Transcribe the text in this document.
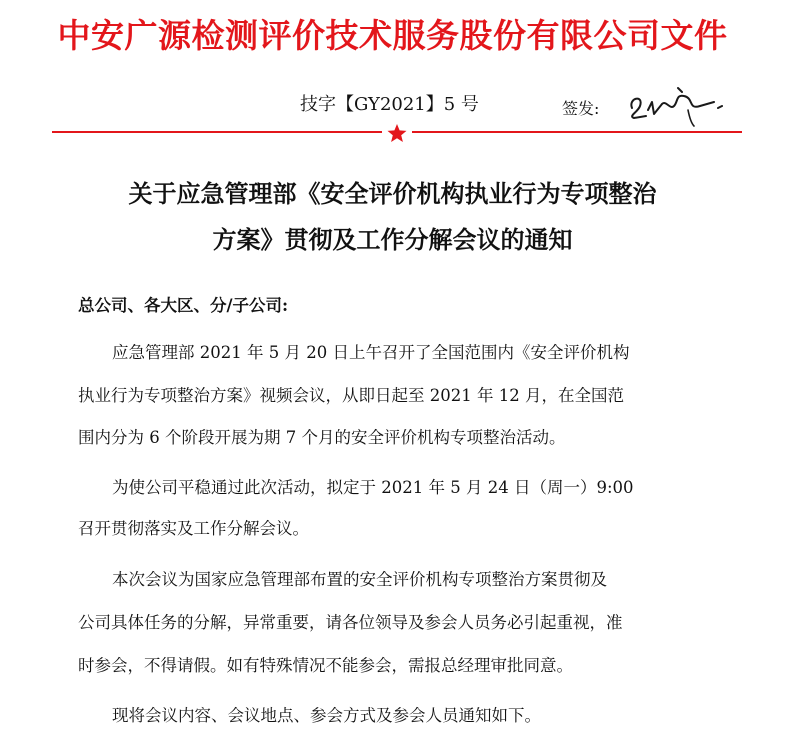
中安广源检测评价技术服务股份有限公司文件
技字【GY2021】5 号	签发:
关于应急管理部《安全评价机构执业行为专项整治
方案》贯彻及工作分解会议的通知
总公司、各大区、分/子公司:
应急管理部 2021 年 5 月 20 日上午召开了全国范围内《安全评价机构
执业行为专项整治方案》视频会议，从即日起至 2021 年 12 月，在全国范
围内分为 6 个阶段开展为期 7 个月的安全评价机构专项整治活动。
为使公司平稳通过此次活动，拟定于 2021 年 5 月 24 日（周一）9:00
召开贯彻落实及工作分解会议。
本次会议为国家应急管理部布置的安全评价机构专项整治方案贯彻及
公司具体任务的分解，异常重要，请各位领导及参会人员务必引起重视，准
时参会，不得请假。如有特殊情况不能参会，需报总经理审批同意。
现将会议内容、会议地点、参会方式及参会人员通知如下。
